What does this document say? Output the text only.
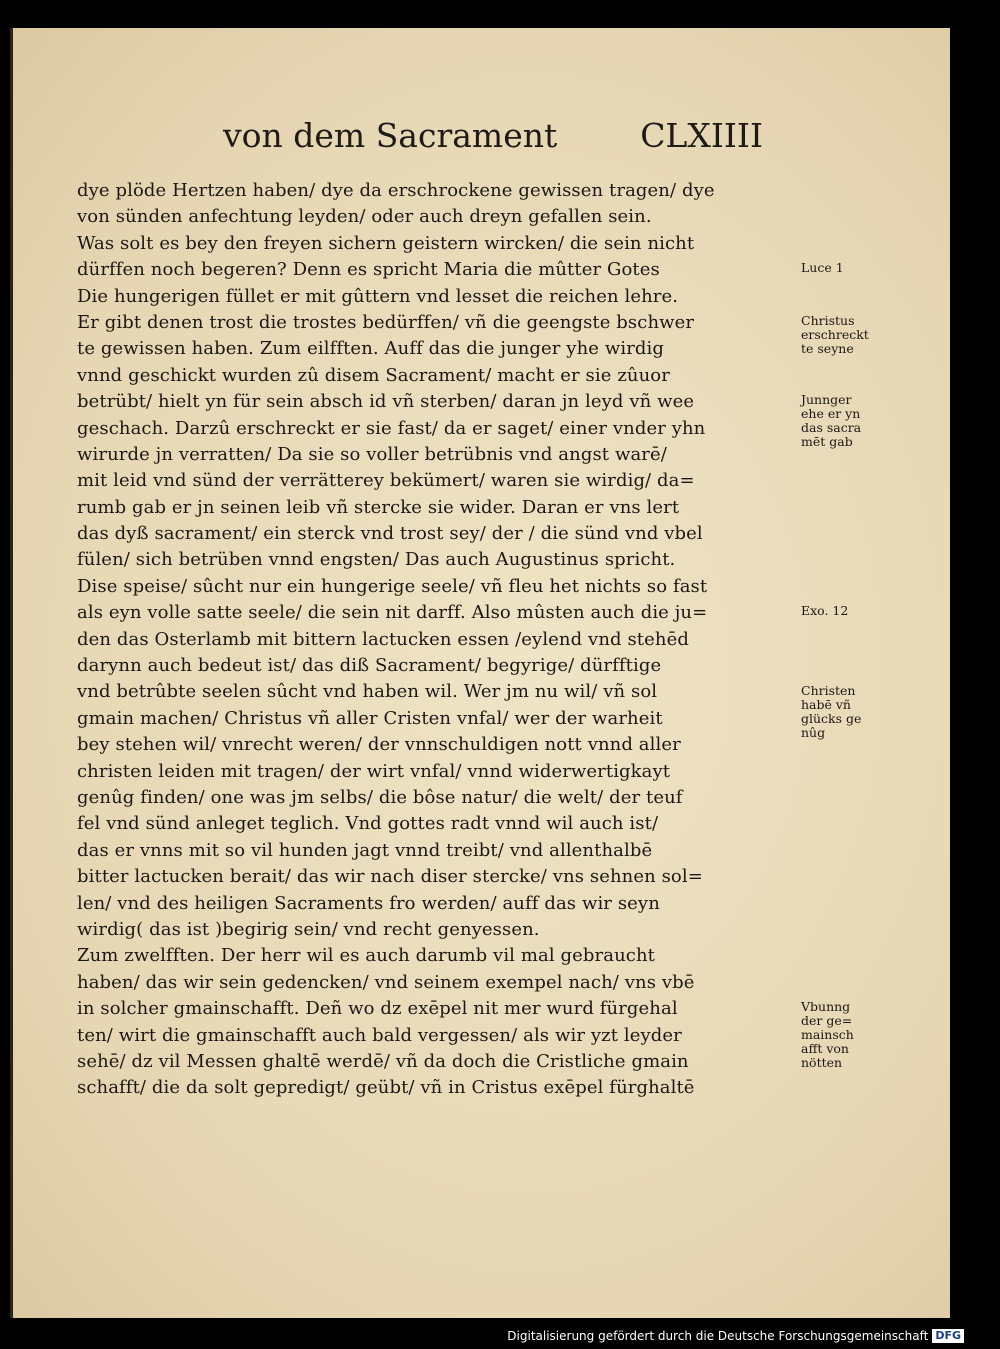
von dem Sacrament	CLXIIII
dye plöde Hertzen haben/ dye da erschrockene gewissen tragen/ dye
von sünden anfechtung leyden/ oder auch dreyn gefallen sein.
Was solt es bey den freyen sichern geistern wircken/ die sein nicht
dürffen noch begeren? Denn es spricht Maria die mûtter Gotes
Die hungerigen füllet er mit gûttern vnd lesset die reichen lehre.
Er gibt denen trost die trostes bedürffen/ vñ die geengste bschwer
te gewissen haben. Zum eilfften. Auff das die junger yhe wirdig
vnnd geschickt wurden zû disem Sacrament/ macht er sie zûuor
betrübt/ hielt yn für sein absch id vñ sterben/ daran jn leyd vñ wee
geschach. Darzû erschreckt er sie fast/ da er saget/ einer vnder yhn
wirurde jn verratten/ Da sie so voller betrübnis vnd angst warē/
mit leid vnd sünd der verrätterey bekümert/ waren sie wirdig/ da=
rumb gab er jn seinen leib vñ stercke sie wider. Daran er vns lert
das dyß sacrament/ ein sterck vnd trost sey/ der / die sünd vnd vbel
fülen/ sich betrüben vnnd engsten/ Das auch Augustinus spricht.
Dise speise/ sûcht nur ein hungerige seele/ vñ fleu het nichts so fast
als eyn volle satte seele/ die sein nit darff. Also mûsten auch die ju=
den das Osterlamb mit bittern lactucken essen /eylend vnd stehēd
darynn auch bedeut ist/ das diß Sacrament/ begyrige/ dürfftige
vnd betrûbte seelen sûcht vnd haben wil. Wer jm nu wil/ vñ sol
gmain machen/ Christus vñ aller Cristen vnfal/ wer der warheit
bey stehen wil/ vnrecht weren/ der vnnschuldigen nott vnnd aller
christen leiden mit tragen/ der wirt vnfal/ vnnd widerwertigkayt
genûg finden/ one was jm selbs/ die bôse natur/ die welt/ der teuf
fel vnd sünd anleget teglich. Vnd gottes radt vnnd wil auch ist/
das er vnns mit so vil hunden jagt vnnd treibt/ vnd allenthalbē
bitter lactucken berait/ das wir nach diser stercke/ vns sehnen sol=
len/ vnd des heiligen Sacraments fro werden/ auff das wir seyn
wirdig( das ist )begirig sein/ vnd recht genyessen.
Zum zwelfften. Der herr wil es auch darumb vil mal gebraucht
haben/ das wir sein gedencken/ vnd seinem exempel nach/ vns vbē
in solcher gmainschafft. Deñ wo dz exēpel nit mer wurd fürgehal
ten/ wirt die gmainschafft auch bald vergessen/ als wir yzt leyder
sehē/ dz vil Messen ghaltē werdē/ vñ da doch die Cristliche gmain
schafft/ die da solt gepredigt/ geübt/ vñ in Cristus exēpel fürghaltē
Luce 1
Christus
erschreckt
te seyne
Junnger
ehe er yn
das sacra
mēt gab
Exo. 12
Christen
habē vñ
glücks ge
nûg
Vbunng
der ge=
mainsch
afft von
nötten
Digitalisierung gefördert durch die Deutsche Forschungsgemeinschaft DFG
